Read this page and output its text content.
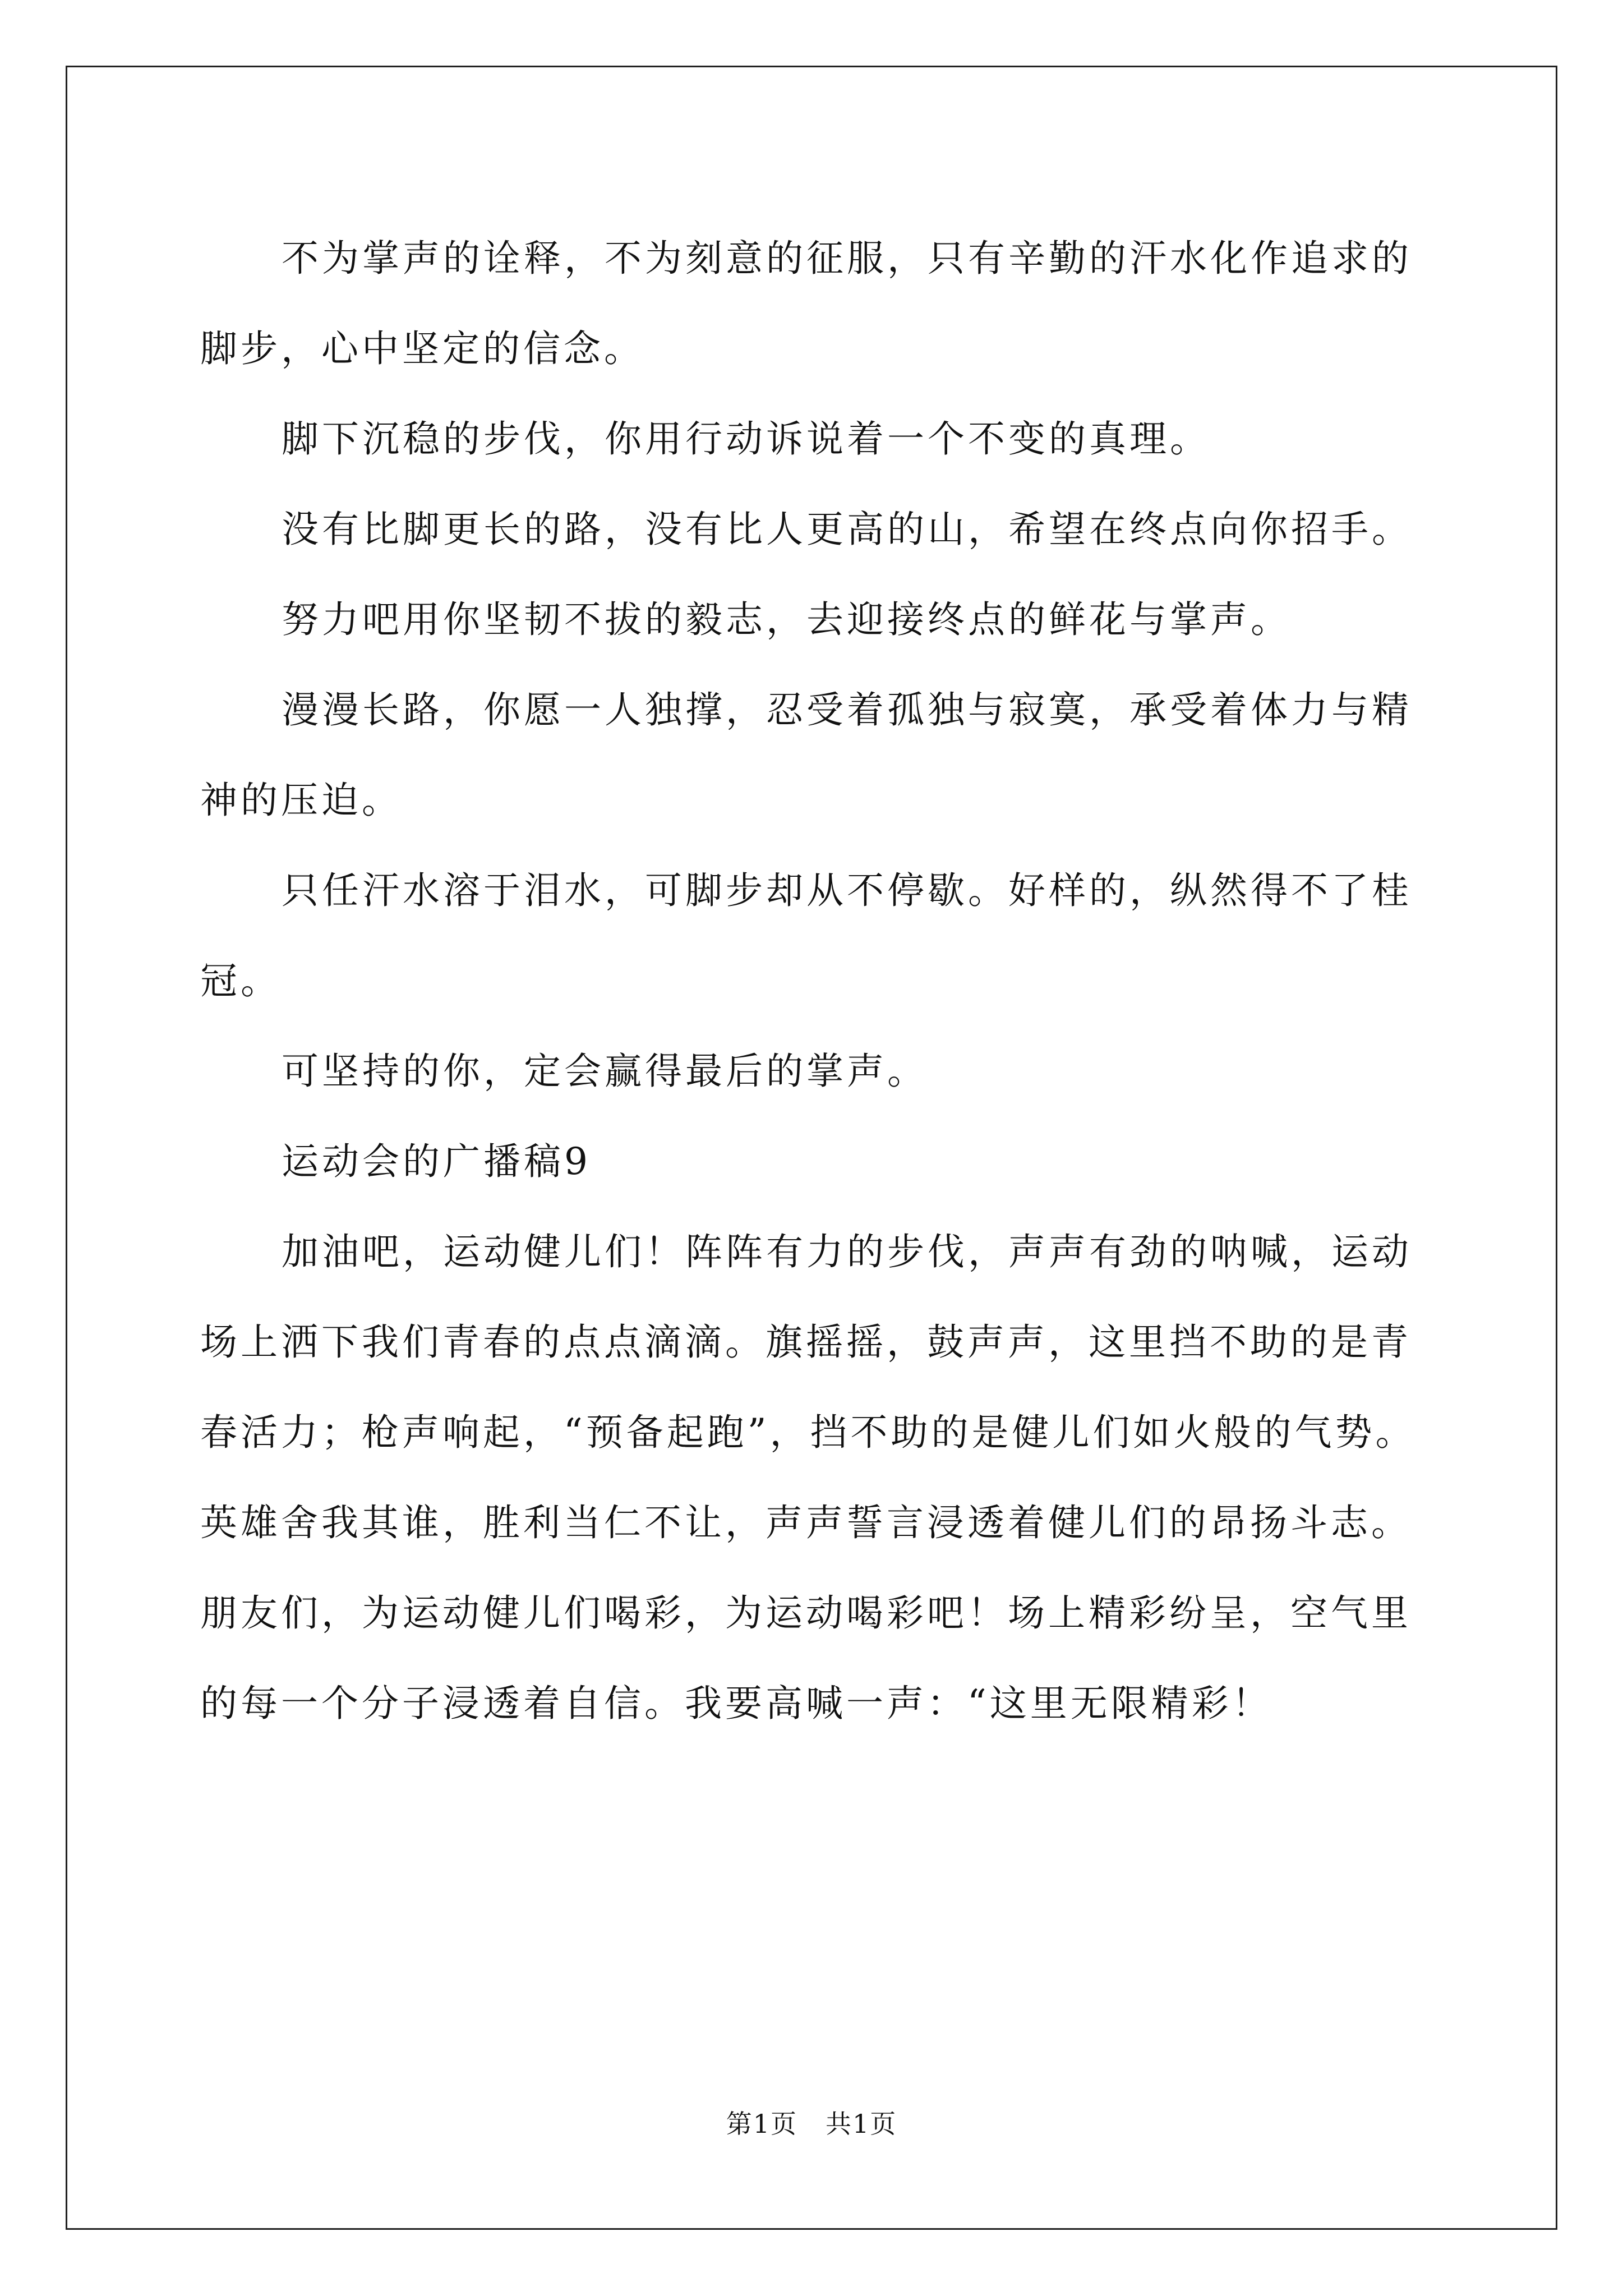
不为掌声的诠释，不为刻意的征服，只有辛勤的汗水化作追求的脚步，心中坚定的信念。

脚下沉稳的步伐，你用行动诉说着一个不变的真理。

没有比脚更长的路，没有比人更高的山，希望在终点向你招手。

努力吧用你坚韧不拔的毅志，去迎接终点的鲜花与掌声。

漫漫长路，你愿一人独撑，忍受着孤独与寂寞，承受着体力与精神的压迫。

只任汗水溶于泪水，可脚步却从不停歇。好样的，纵然得不了桂冠。

可坚持的你，定会赢得最后的掌声。

运动会的广播稿9

加油吧，运动健儿们！阵阵有力的步伐，声声有劲的呐喊，运动场上洒下我们青春的点点滴滴。旗摇摇，鼓声声，这里挡不助的是青春活力；枪声响起，“预备起跑”，挡不助的是健儿们如火般的气势。英雄舍我其谁，胜利当仁不让，声声誓言浸透着健儿们的昂扬斗志。朋友们，为运动健儿们喝彩，为运动喝彩吧！场上精彩纷呈，空气里的每一个分子浸透着自信。我要高喊一声：“这里无限精彩！

第1页 共1页
